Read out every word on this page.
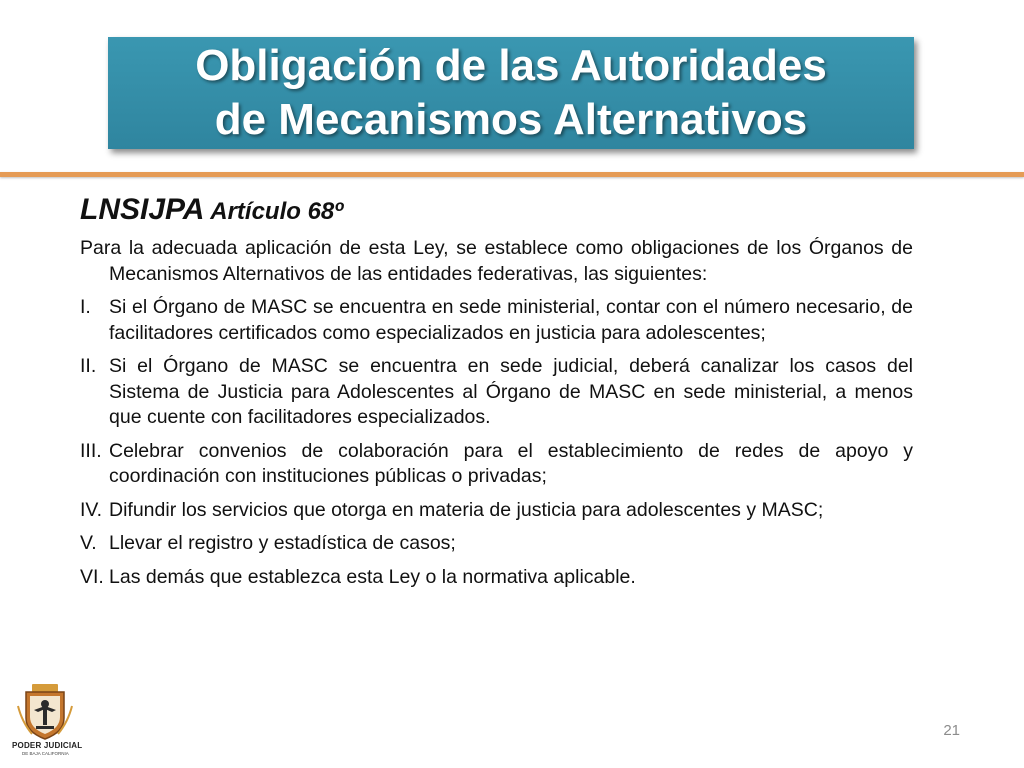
Obligación de las Autoridades
de Mecanismos Alternativos
LNSIJPA Artículo 68º

Para la adecuada aplicación de esta Ley, se establece como obligaciones de los Órganos de Mecanismos Alternativos de las entidades federativas, las siguientes:

I. Si el Órgano de MASC se encuentra en sede ministerial, contar con el número necesario, de facilitadores certificados como especializados en justicia para adolescentes;
II. Si el Órgano de MASC se encuentra en sede judicial, deberá canalizar los casos del Sistema de Justicia para Adolescentes al Órgano de MASC en sede ministerial, a menos que cuente con facilitadores especializados.
III. Celebrar convenios de colaboración para el establecimiento de redes de apoyo y coordinación con instituciones públicas o privadas;
IV. Difundir los servicios que otorga en materia de justicia para adolescentes y MASC;
V. Llevar el registro y estadística de casos;
VI. Las demás que establezca esta Ley o la normativa aplicable.
PODER JUDICIAL
DE BAJA CALIFORNIA
21
